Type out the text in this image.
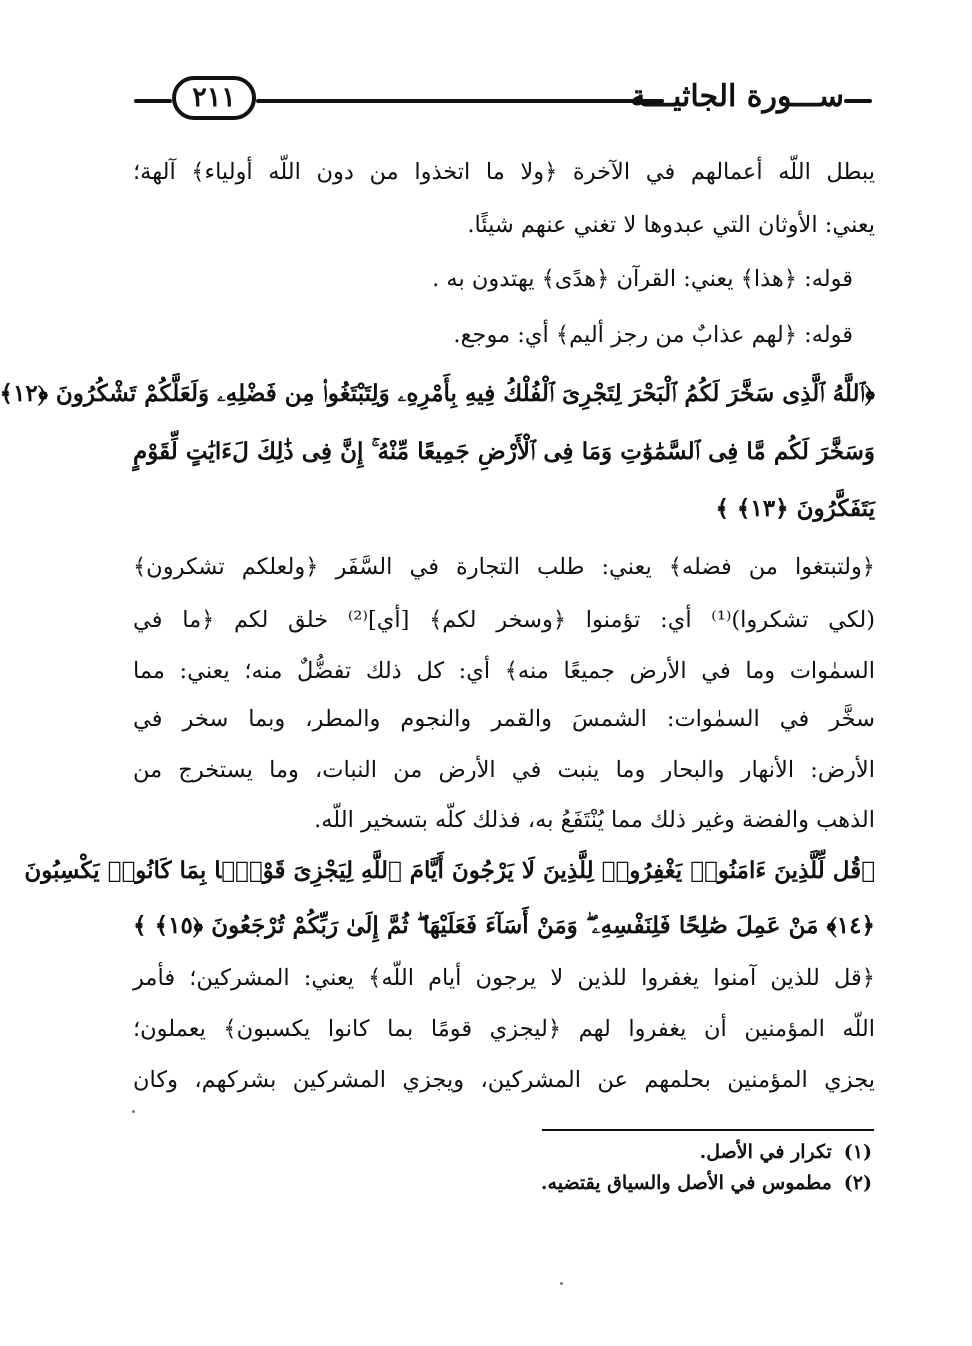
٢١١	ســـورة الجاثيـــة
يبطل اللّه أعمالهم في الآخرة ﴿ولا ما اتخذوا من دون اللّه أولياء﴾ آلهة؛
يعني: الأوثان التي عبدوها لا تغني عنهم شيئًا.
قوله: ﴿هذا﴾ يعني: القرآن ﴿هدًى﴾ يهتدون به .
قوله: ﴿لهم عذابٌ من رجز أليم﴾ أي: موجع.
﴿ٱللَّهُ ٱلَّذِى سَخَّرَ لَكُمُ ٱلْبَحْرَ لِتَجْرِىَ ٱلْفُلْكُ فِيهِ بِأَمْرِهِۦ وَلِتَبْتَغُوا۟ مِن فَضْلِهِۦ وَلَعَلَّكُمْ تَشْكُرُونَ ﴿١٢﴾
وَسَخَّرَ لَكُم مَّا فِى ٱلسَّمَٰوَٰتِ وَمَا فِى ٱلْأَرْضِ جَمِيعًا مِّنْهُ ۚ إِنَّ فِى ذَٰلِكَ لَءَايَٰتٍ لِّقَوْمٍ
يَتَفَكَّرُونَ ﴿١٣﴾ ﴾
﴿ولتبتغوا من فضله﴾ يعني: طلب التجارة في السَّفَر ﴿ولعلكم تشكرون﴾
(لكي تشكروا)⁽¹⁾ أي: تؤمنوا ﴿وسخر لكم﴾ [أي]⁽²⁾ خلق لكم ﴿ما في
السمٰوات وما في الأرض جميعًا منه﴾ أي: كل ذلك تفضُّلٌ منه؛ يعني: مما
سخَّر في السمٰوات: الشمسَ والقمر والنجوم والمطر، وبما سخر في
الأرض: الأنهار والبحار وما ينبت في الأرض من النبات، وما يستخرج من
الذهب والفضة وغير ذلك مما يُنْتَفَعُ به، فذلك كلّه بتسخير اللّه.
﴿قُل لِّلَّذِينَ ءَامَنُوا۟ يَغْفِرُوا۟ لِلَّذِينَ لَا يَرْجُونَ أَيَّامَ ٱللَّهِ لِيَجْزِىَ قَوْمًۢا بِمَا كَانُوا۟ يَكْسِبُونَ
﴿١٤﴾ مَنْ عَمِلَ صَٰلِحًا فَلِنَفْسِهِۦ ۖ وَمَنْ أَسَآءَ فَعَلَيْهَا ۖ ثُمَّ إِلَىٰ رَبِّكُمْ تُرْجَعُونَ ﴿١٥﴾ ﴾
﴿قل للذين آمنوا يغفروا للذين لا يرجون أيام اللّه﴾ يعني: المشركين؛ فأمر
اللّه المؤمنين أن يغفروا لهم ﴿ليجزي قومًا بما كانوا يكسبون﴾ يعملون؛
يجزي المؤمنين بحلمهم عن المشركين، ويجزي المشركين بشركهم، وكان
(١)تكرار في الأصل.
(٢)مطموس في الأصل والسياق يقتضيه.
